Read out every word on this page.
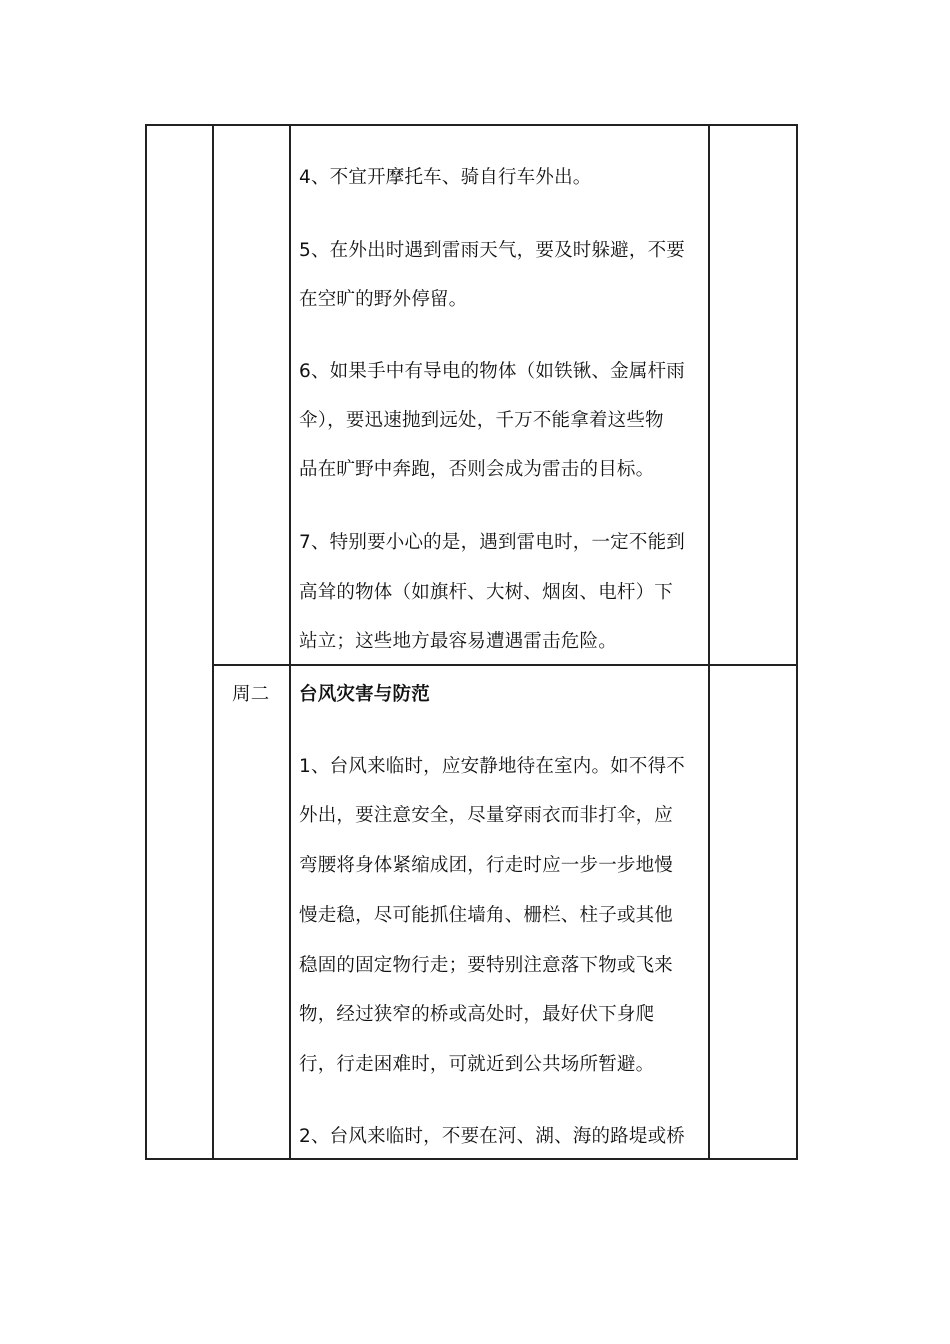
4、不宜开摩托车、骑自行车外出。
5、在外出时遇到雷雨天气，要及时躲避，不要
在空旷的野外停留。
6、如果手中有导电的物体（如铁锹、金属杆雨
伞），要迅速抛到远处，千万不能拿着这些物
品在旷野中奔跑，否则会成为雷击的目标。
7、特别要小心的是，遇到雷电时，一定不能到
高耸的物体（如旗杆、大树、烟囱、电杆）下
站立；这些地方最容易遭遇雷击危险。
周二 台风灾害与防范
1、台风来临时，应安静地待在室内。如不得不
外出，要注意安全，尽量穿雨衣而非打伞，应
弯腰将身体紧缩成团，行走时应一步一步地慢
慢走稳，尽可能抓住墙角、栅栏、柱子或其他
稳固的固定物行走；要特别注意落下物或飞来
物，经过狭窄的桥或高处时，最好伏下身爬
行，行走困难时，可就近到公共场所暂避。
2、台风来临时，不要在河、湖、海的路堤或桥
